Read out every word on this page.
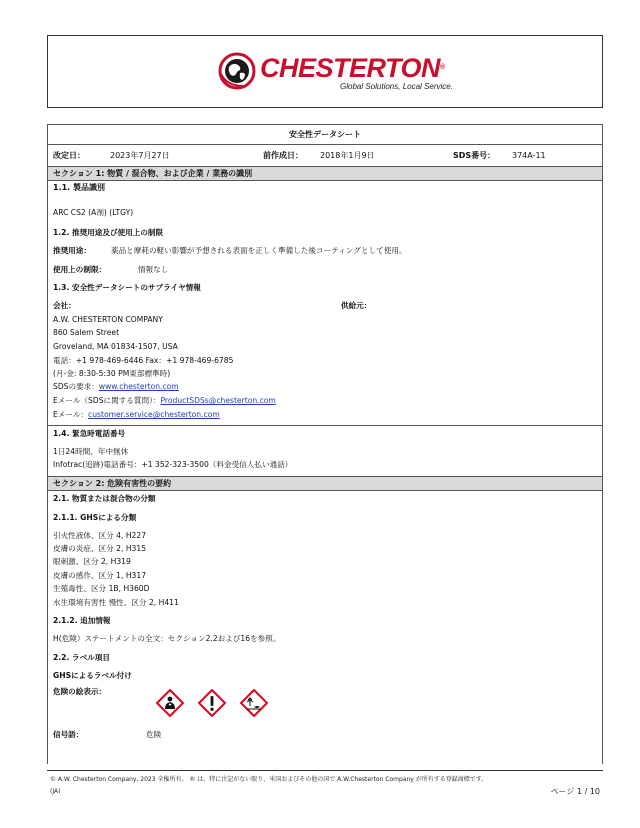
CHESTERTON®
Global Solutions, Local Service.
安全性データシート
改定日：	2023年7月27日	前作成日： 2018年1月9日	SDS番号： 374A-11
セクション 1: 物質 / 混合物、および企業 / 業務の識別
1.1. 製品識別
ARC CS2 (A剤) (LTGY)
1.2. 推奨用途及び使用上の制限
推奨用途：	薬品と摩耗の軽い影響が予想される表面を正しく準備した後コーティングとして使用。
使用上の制限：	情報なし
1.3. 安全性データシートのサプライヤ情報
会社：	供給元：
A.W. CHESTERTON COMPANY
860 Salem Street
Groveland, MA 01834-1507, USA
電話：+1 978-469-6446 Fax：+1 978-469-6785
(月-金: 8:30-5:30 PM東部標準時)
SDSの要求：www.chesterton.com
Eメール（SDSに関する質問）：ProductSDSs@chesterton.com
Eメール：customer.service@chesterton.com
1.4. 緊急時電話番号
1日24時間、年中無休
Infotrac(追跡)電話番号：+1 352-323-3500（料金受信人払い通話）
セクション 2: 危険有害性の要約
2.1. 物質または混合物の分類
2.1.1. GHSによる分類
引火性液体、区分 4, H227
皮膚の炎症、区分 2, H315
眼刺激、区分 2, H319
皮膚の感作、区分 1, H317
生殖毒性、区分 1B, H360D
水生環境有害性 慢性、区分 2, H411
2.1.2. 追加情報
H(危険）ステートメントの全文：セクション2.2および16を参照。
2.2. ラベル項目
GHSによるラベル付け
危険の絵表示：
信号語：	危険
© A.W. Chesterton Company, 2023 全権所有。 ® は、特に注記がない限り、米国およびその他の国で A.W.Chesterton Company が所有する登録商標です。
(JA)	ページ 1 / 10
